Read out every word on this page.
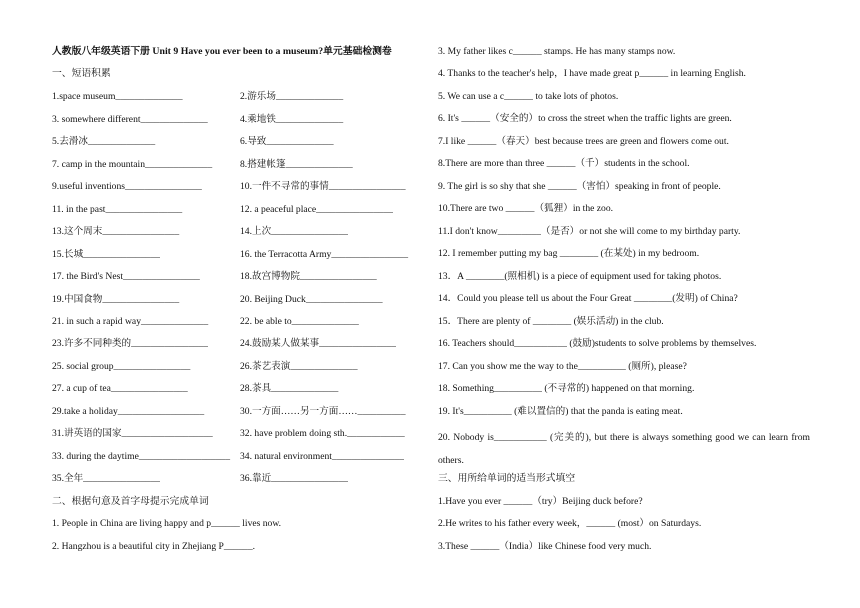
人教版八年级英语下册 Unit 9 Have you ever been to a museum?单元基础检测卷
一、短语积累
1.space museum______________	2.游乐场______________
3. somewhere different______________	4.乘地铁______________
5.去滑冰______________	6.导致______________
7. camp in the mountain______________	8.搭建帐篷______________
9.useful inventions________________	10.一件不寻常的事情________________
11. in the past________________	12. a peaceful place________________
13.这个周末________________	14.上次________________
15.长城________________	16. the Terracotta Army________________
17. the Bird's Nest________________	18.故宫博物院________________
19.中国食物________________	20. Beijing Duck________________
21. in such a rapid way______________	22. be able to______________
23.许多不同种类的________________	24.鼓励某人做某事________________
25. social group________________	26.茶艺表演______________
27. a cup of tea________________	28.茶具______________
29.take a holiday__________________	30.一方面……另一方面……__________
31.讲英语的国家___________________	32. have problem doing sth.____________
33. during the daytime___________________ 34. natural environment_______________
35.全年________________	36.靠近________________
二、根据句意及首字母提示完成单词
1. People in China are living happy and p______ lives now.
2. Hangzhou is a beautiful city in Zhejiang P______.
3. My father likes c______ stamps. He has many stamps now.
4. Thanks to the teacher's help，I have made great p______ in learning English.
5. We can use a c______ to take lots of photos.
6. It's ______（安全的）to cross the street when the traffic lights are green.
7.I like ______（春天）best because trees are green and flowers come out.
8.There are more than three ______（千）students in the school.
9. The girl is so shy that she ______（害怕）speaking in front of people.
10.There are two ______（狐狸）in the zoo.
11.I don't know_________（是否）or not she will come to my birthday party.
12. I remember putting my bag ________ (在某处) in my bedroom.
13．A ________(照相机) is a piece of equipment used for taking photos.
14．Could you please tell us about the Four Great ________(发明) of China?
15．There are plenty of ________ (娱乐活动) in the club.
16. Teachers should___________ (鼓励)students to solve problems by themselves.
17. Can you show me the way to the__________ (厕所), please?
18. Something__________ (不寻常的) happened on that morning.
19. It's__________ (难以置信的) that the panda is eating meat.
20. Nobody is___________ (完美的), but there is always something good we can learn from others.
三、用所给单词的适当形式填空
1.Have you ever ______（try）Beijing duck before?
2.He writes to his father every week，______ (most）on Saturdays.
3.These ______（India）like Chinese food very much.
